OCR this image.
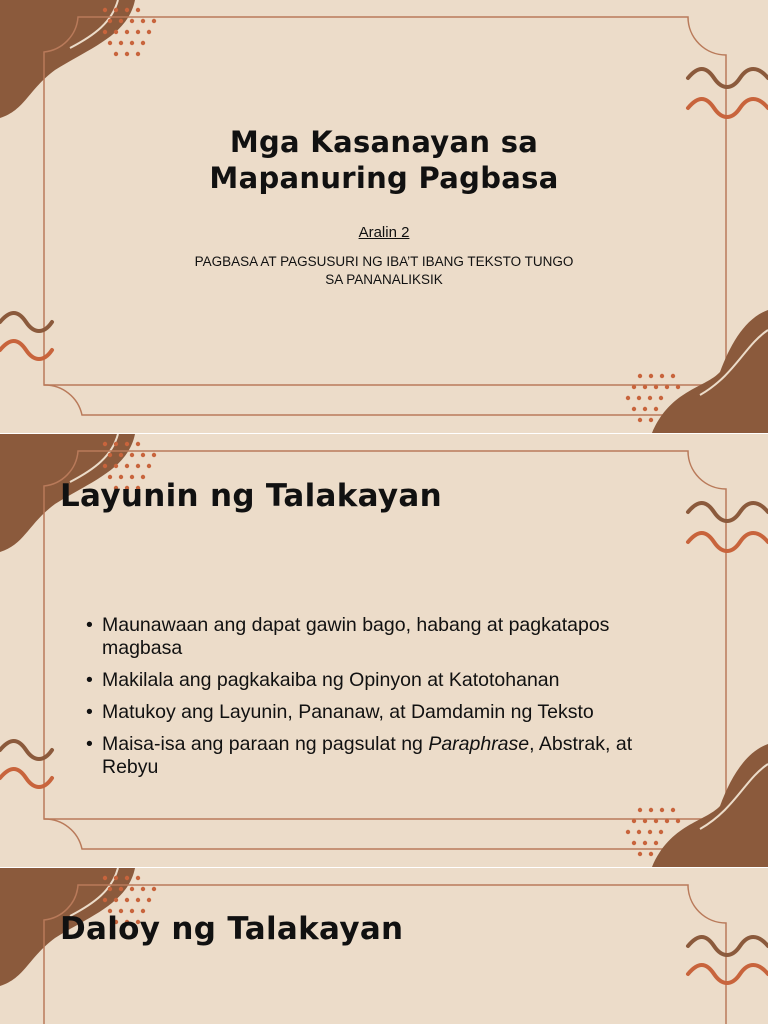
Mga Kasanayan sa
Mapanuring Pagbasa
Aralin 2
PAGBASA AT PAGSUSURI NG IBA’T IBANG TEKSTO TUNGO
SA PANANALIKSIK
Layunin ng Talakayan
• Maunawaan ang dapat gawin bago, habang at pagkatapos magbasa
• Makilala ang pagkakaiba ng Opinyon at Katotohanan
• Matukoy ang Layunin, Pananaw, at Damdamin ng Teksto
• Maisa-isa ang paraan ng pagsulat ng Paraphrase, Abstrak, at Rebyu
Daloy ng Talakayan
